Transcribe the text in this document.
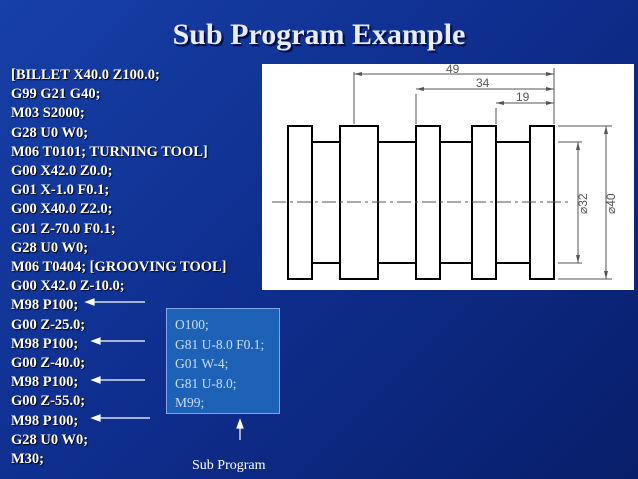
Sub Program Example
[BILLET X40.0 Z100.0;
G99 G21 G40;
M03 S2000;
G28 U0 W0;
M06 T0101; TURNING TOOL]
G00 X42.0 Z0.0;
G01 X-1.0 F0.1;
G00 X40.0 Z2.0;
G01 Z-70.0 F0.1;
G28 U0 W0;
M06 T0404; [GROOVING TOOL]
G00 X42.0 Z-10.0;
M98 P100;
G00 Z-25.0;
M98 P100;
G00 Z-40.0;
M98 P100;
G00 Z-55.0;
M98 P100;
G28 U0 W0;
M30;
49
34
19
⌀32 ⌀40
O100;
G81 U-8.0 F0.1;
G01 W-4;
G81 U-8.0;
M99;
Sub Program
